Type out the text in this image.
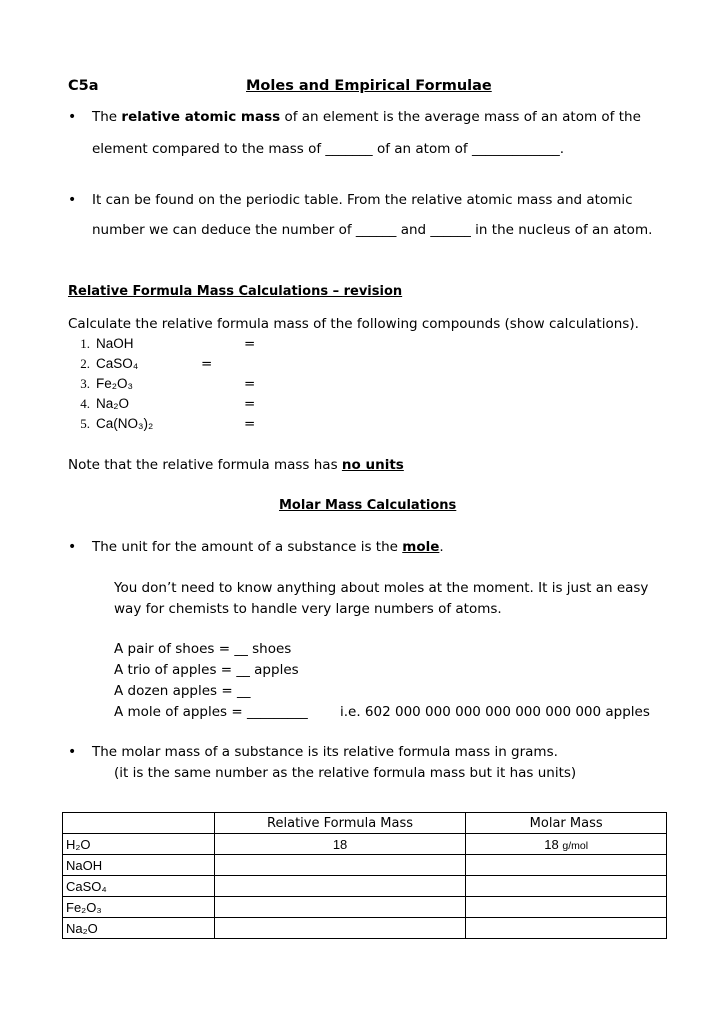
C5a	Moles and Empirical Formulae
• The relative atomic mass of an element is the average mass of an atom of the
element compared to the mass of _______ of an atom of _____________.
• It can be found on the periodic table. From the relative atomic mass and atomic
number we can deduce the number of ______ and ______ in the nucleus of an atom.
Relative Formula Mass Calculations – revision
Calculate the relative formula mass of the following compounds (show calculations).
1. NaOH	=
2. CaSO₄	=
3. Fe₂O₃	=
4. Na₂O	=
5. Ca(NO₃)₂	=
Note that the relative formula mass has no units
Molar Mass Calculations
• The unit for the amount of a substance is the mole.
You don’t need to know anything about moles at the moment. It is just an easy
way for chemists to handle very large numbers of atoms.
A pair of shoes = __ shoes
A trio of apples = __ apples
A dozen apples = __
A mole of apples = _________ i.e. 602 000 000 000 000 000 000 000 apples
• The molar mass of a substance is its relative formula mass in grams.
(it is the same number as the relative formula mass but it has units)
	Relative Formula Mass	Molar Mass
H₂O	18	18 g/mol
NaOH		
CaSO₄		
Fe₂O₃		
Na₂O		
